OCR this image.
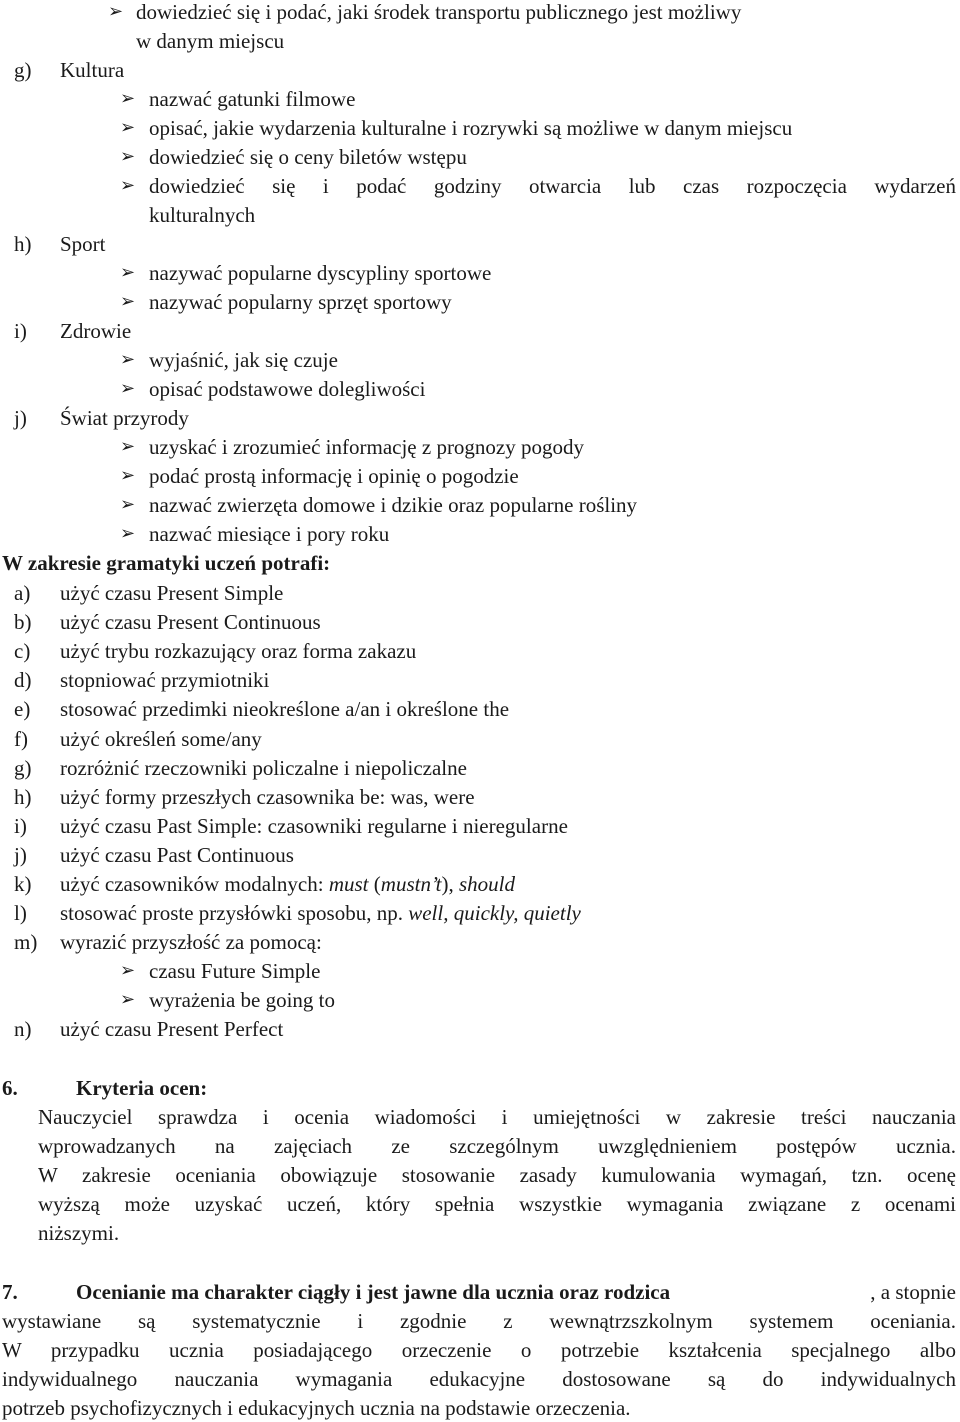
➢ dowiedzieć się i podać, jaki środek transportu publicznego jest możliwy
w danym miejscu
g) Kultura
➢ nazwać gatunki filmowe
➢ opisać, jakie wydarzenia kulturalne i rozrywki są możliwe w danym miejscu
➢ dowiedzieć się o ceny biletów wstępu
➢ dowiedzieć się i podać godziny otwarcia lub czas rozpoczęcia wydarzeń
kulturalnych
h) Sport
➢ nazywać popularne dyscypliny sportowe
➢ nazywać popularny sprzęt sportowy
i) Zdrowie
➢ wyjaśnić, jak się czuje
➢ opisać podstawowe dolegliwości
j) Świat przyrody
➢ uzyskać i zrozumieć informację z prognozy pogody
➢ podać prostą informację i opinię o pogodzie
➢ nazwać zwierzęta domowe i dzikie oraz popularne rośliny
➢ nazwać miesiące i pory roku
W zakresie gramatyki uczeń potrafi:
a) użyć czasu Present Simple
b) użyć czasu Present Continuous
c) użyć trybu rozkazujący oraz forma zakazu
d) stopniować przymiotniki
e) stosować przedimki nieokreślone a/an i określone the
f) użyć określeń some/any
g) rozróżnić rzeczowniki policzalne i niepoliczalne
h) użyć formy przeszłych czasownika be: was, were
i) użyć czasu Past Simple: czasowniki regularne i nieregularne
j) użyć czasu Past Continuous
k) użyć czasowników modalnych: must (mustn’t), should
l) stosować proste przysłówki sposobu, np. well, quickly, quietly
m) wyrazić przyszłość za pomocą:
➢ czasu Future Simple
➢ wyrażenia be going to
n) użyć czasu Present Perfect
6.	Kryteria ocen:
Nauczyciel sprawdza i ocenia wiadomości i umiejętności w zakresie treści nauczania
wprowadzanych na zajęciach ze szczególnym uwzględnieniem postępów ucznia.
W zakresie oceniania obowiązuje stosowanie zasady kumulowania wymagań, tzn. ocenę
wyższą może uzyskać uczeń, który spełnia wszystkie wymagania związane z ocenami
niższymi.
7.	Ocenianie ma charakter ciągły i jest jawne dla ucznia oraz rodzica	, a stopnie
wystawiane są systematycznie i zgodnie z wewnątrzszkolnym systemem oceniania.
W przypadku ucznia posiadającego orzeczenie o potrzebie kształcenia specjalnego albo
indywidualnego nauczania wymagania edukacyjne dostosowane są do indywidualnych
potrzeb psychofizycznych i edukacyjnych ucznia na podstawie orzeczenia.
